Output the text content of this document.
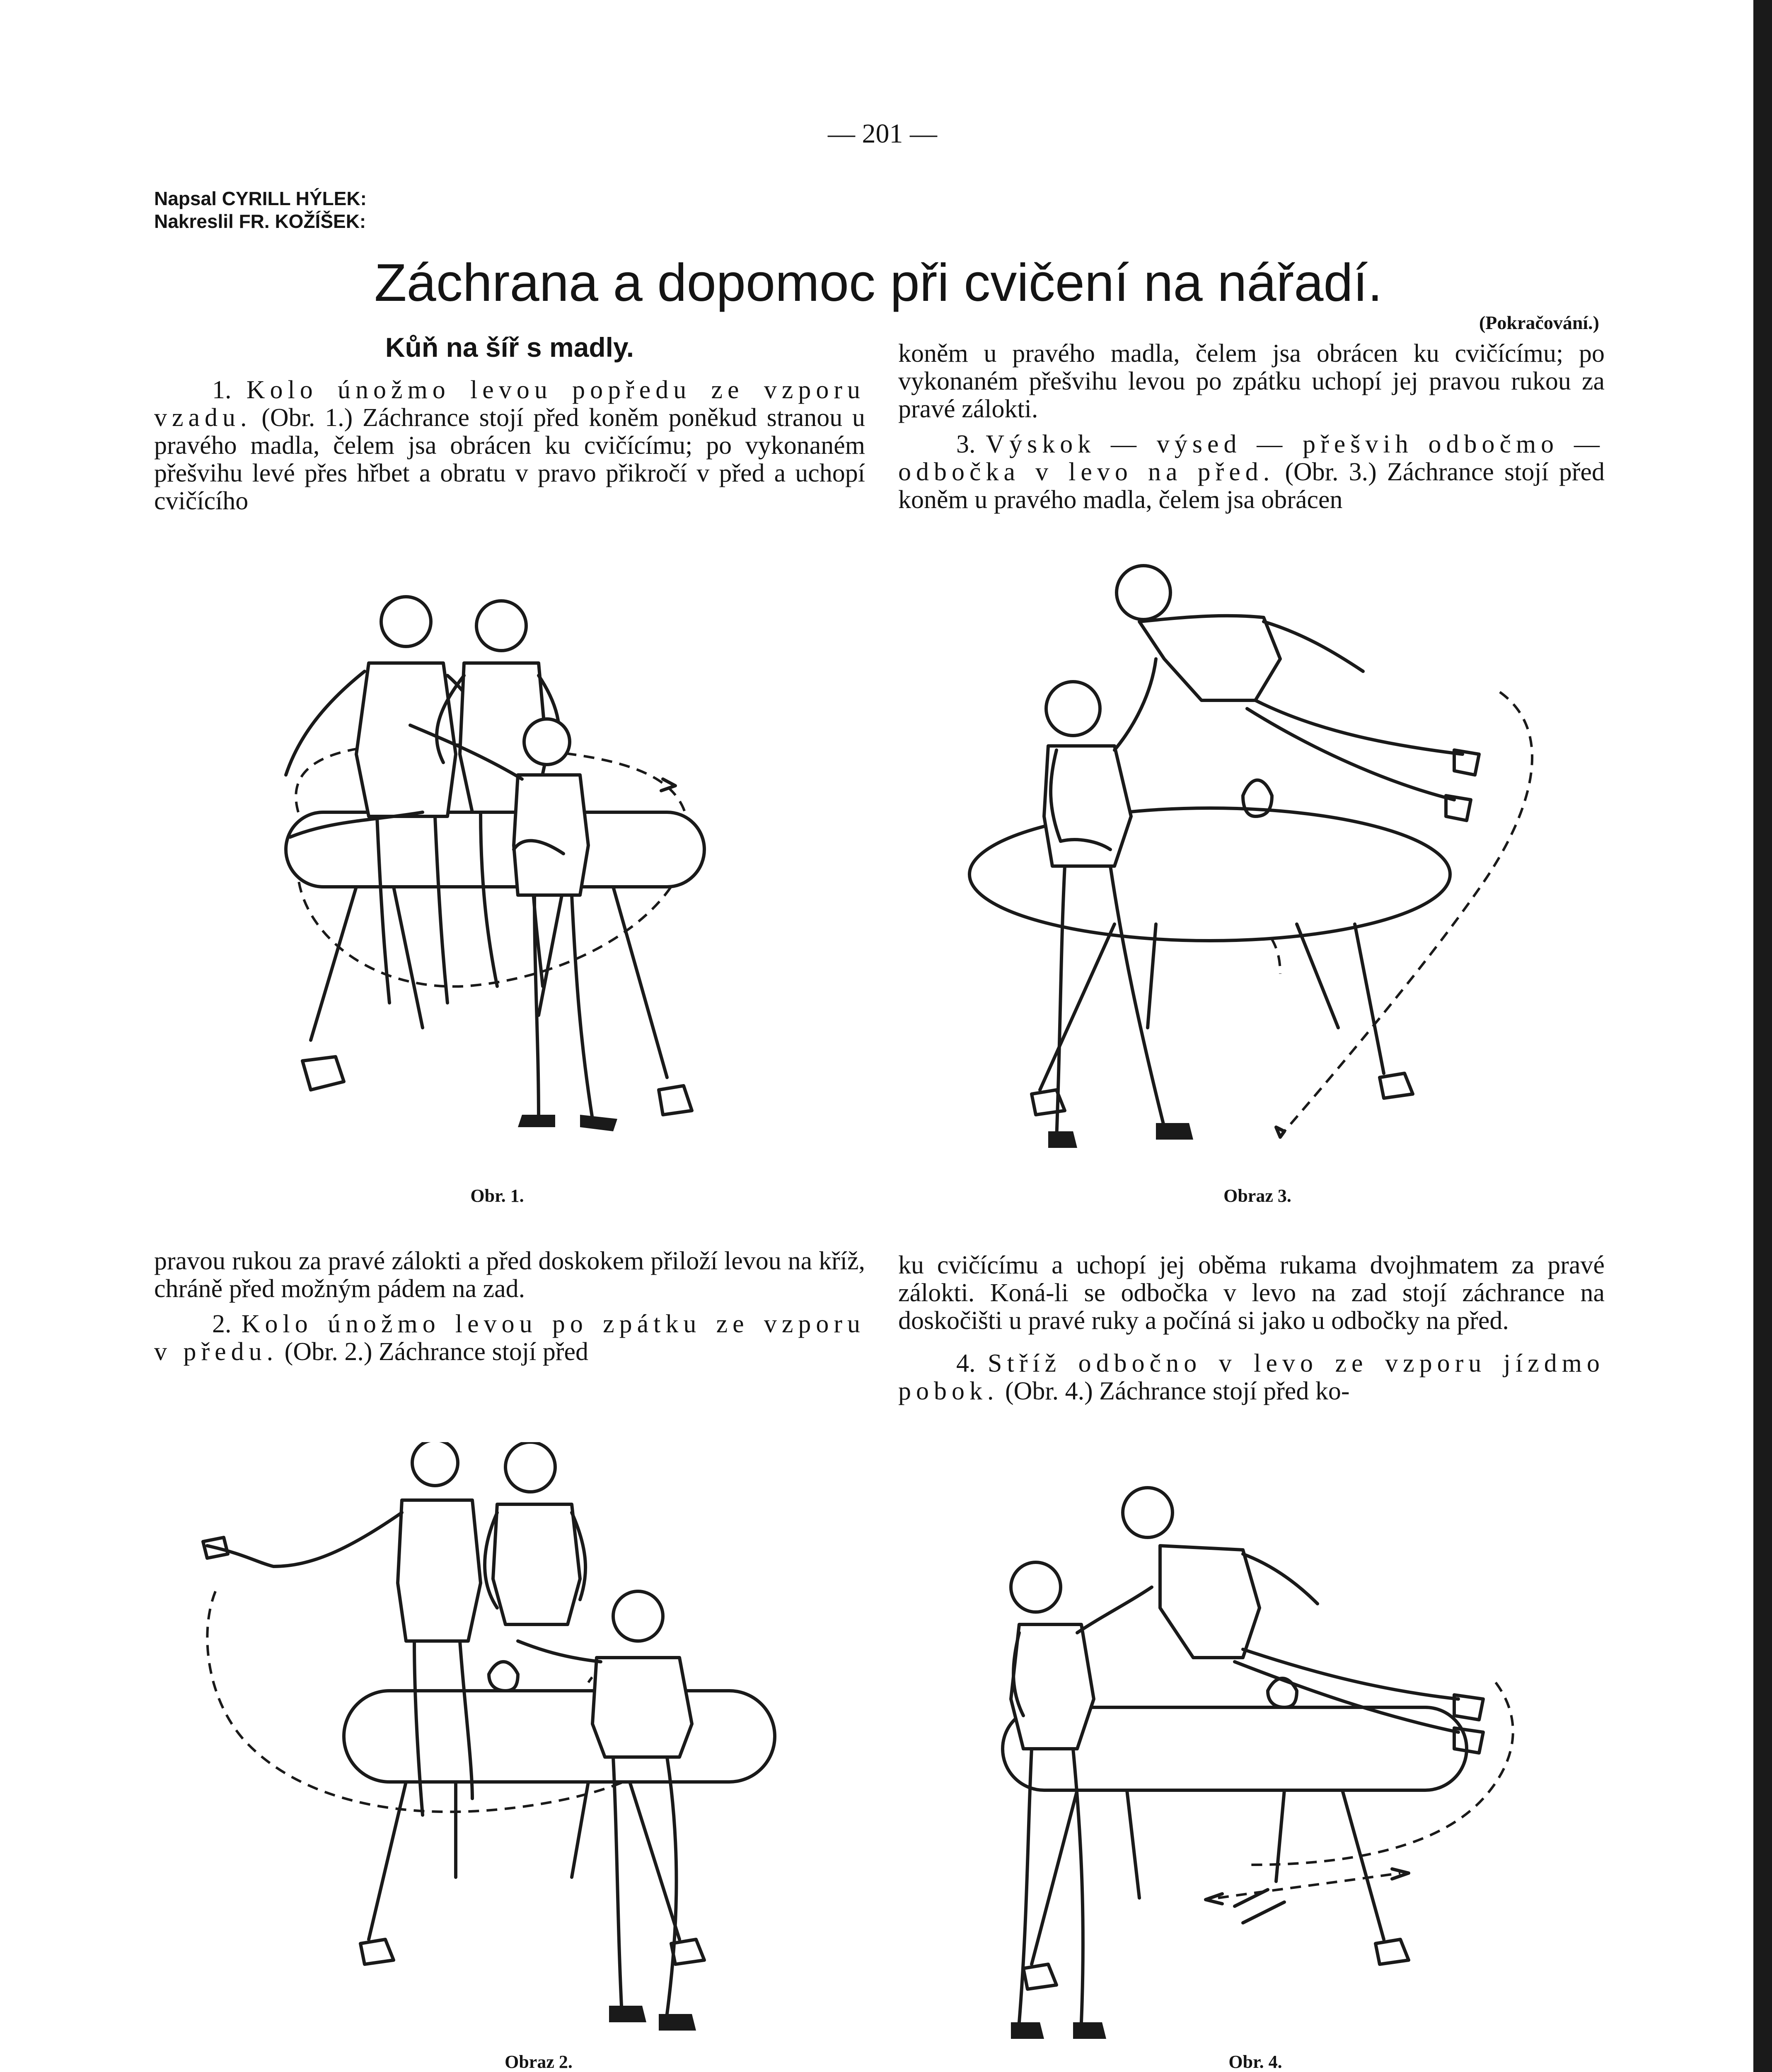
— 201 —
Napsal CYRILL HÝLEK:
Nakreslil FR. KOŽÍŠEK:
Záchrana a dopomoc při cvičení na nářadí.
(Pokračování.)
Kůň na šíř s madly.

1. Kolo únožmo levou popředu ze vzporu vzadu. (Obr. 1.) Záchrance stojí před koněm poněkud stranou u pravého madla, čelem jsa obrácen ku cvičícímu; po vykonaném přešvihu levé přes hřbet a obratu v pravo přikročí v před a uchopí cvičícího

koněm u pravého madla, čelem jsa obrácen ku cvičícímu; po vykonaném přešvihu levou po zpátku uchopí jej pravou rukou za pravé zálokti.

3. Výskok — výsed — přešvih odbočmo — odbočka v levo na před. (Obr. 3.) Záchrance stojí před koněm u pravého madla, čelem jsa obrácen

Obr. 1.	Obraz 3.

pravou rukou za pravé zálokti a před doskokem přiloží levou na kříž, chráně před možným pádem na zad.

2. Kolo únožmo levou po zpátku ze vzporu v předu. (Obr. 2.) Záchrance stojí před

ku cvičícímu a uchopí jej oběma rukama dvojhmatem za pravé zálokti. Koná-li se odbočka v levo na zad stojí záchrance na doskočišti u pravé ruky a počíná si jako u odbočky na před.

4. Stříž odbočno v levo ze vzporu jízdmo pobok. (Obr. 4.) Záchrance stojí před ko-

Obraz 2.	Obr. 4.
